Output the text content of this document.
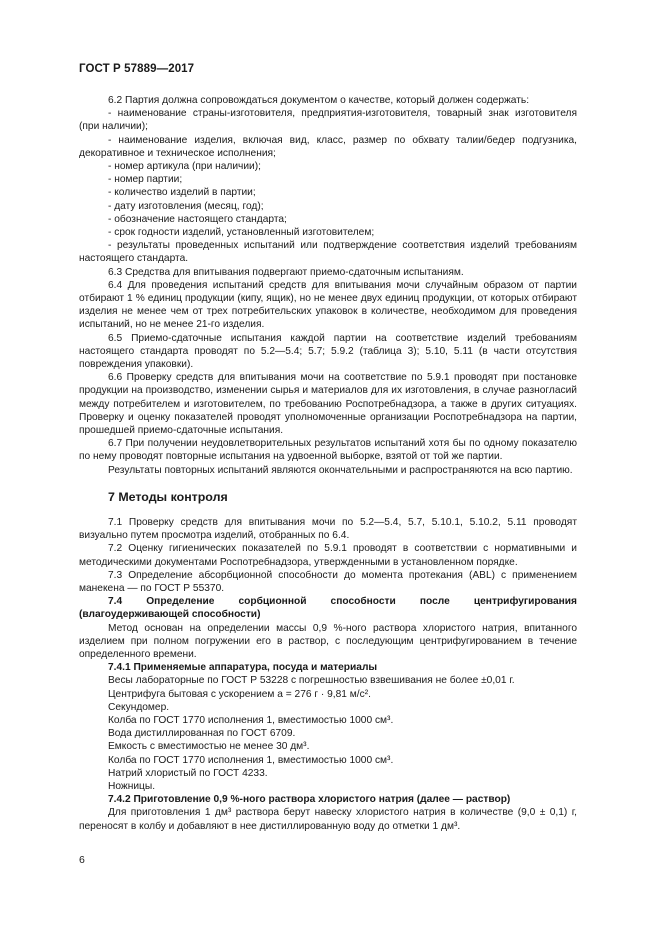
ГОСТ Р 57889—2017

6.2 Партия должна сопровождаться документом о качестве, который должен содержать:

- наименование страны-изготовителя, предприятия-изготовителя, товарный знак изготовителя (при наличии);

- наименование изделия, включая вид, класс, размер по обхвату талии/бедер подгузника, декоративное и техническое исполнения;

- номер артикула (при наличии);

- номер партии;

- количество изделий в партии;

- дату изготовления (месяц, год);

- обозначение настоящего стандарта;

- срок годности изделий, установленный изготовителем;

- результаты проведенных испытаний или подтверждение соответствия изделий требованиям настоящего стандарта.

6.3 Средства для впитывания подвергают приемо-сдаточным испытаниям.

6.4 Для проведения испытаний средств для впитывания мочи случайным образом от партии отбирают 1 % единиц продукции (кипу, ящик), но не менее двух единиц продукции, от которых отбирают изделия не менее чем от трех потребительских упаковок в количестве, необходимом для проведения испытаний, но не менее 21-го изделия.

6.5 Приемо-сдаточные испытания каждой партии на соответствие изделий требованиям настоящего стандарта проводят по 5.2—5.4; 5.7; 5.9.2 (таблица 3); 5.10, 5.11 (в части отсутствия повреждения упаковки).

6.6 Проверку средств для впитывания мочи на соответствие по 5.9.1 проводят при постановке продукции на производство, изменении сырья и материалов для их изготовления, в случае разногласий между потребителем и изготовителем, по требованию Роспотребнадзора, а также в других ситуациях. Проверку и оценку показателей проводят уполномоченные организации Роспотребнадзора на партии, прошедшей приемо-сдаточные испытания.

6.7 При получении неудовлетворительных результатов испытаний хотя бы по одному показателю по нему проводят повторные испытания на удвоенной выборке, взятой от той же партии.

Результаты повторных испытаний являются окончательными и распространяются на всю партию.

7 Методы контроля

7.1 Проверку средств для впитывания мочи по 5.2—5.4, 5.7, 5.10.1, 5.10.2, 5.11 проводят визуально путем просмотра изделий, отобранных по 6.4.

7.2 Оценку гигиенических показателей по 5.9.1 проводят в соответствии с нормативными и методическими документами Роспотребнадзора, утвержденными в установленном порядке.

7.3 Определение абсорбционной способности до момента протекания (ABL) с применением манекена — по ГОСТ Р 55370.

7.4 Определение сорбционной способности после центрифугирования (влагоудерживающей способности)

Метод основан на определении массы 0,9 %-ного раствора хлористого натрия, впитанного изделием при полном погружении его в раствор, с последующим центрифугированием в течение определенного времени.

7.4.1 Применяемые аппаратура, посуда и материалы

Весы лабораторные по ГОСТ Р 53228 с погрешностью взвешивания не более ±0,01 г.

Центрифуга бытовая с ускорением a = 276 г · 9,81 м/с².

Секундомер.

Колба по ГОСТ 1770 исполнения 1, вместимостью 1000 см³.

Вода дистиллированная по ГОСТ 6709.

Емкость с вместимостью не менее 30 дм³.

Колба по ГОСТ 1770 исполнения 1, вместимостью 1000 см³.

Натрий хлористый по ГОСТ 4233.

Ножницы.

7.4.2 Приготовление 0,9 %-ного раствора хлористого натрия (далее — раствор)

Для приготовления 1 дм³ раствора берут навеску хлористого натрия в количестве (9,0 ± 0,1) г, переносят в колбу и добавляют в нее дистиллированную воду до отметки 1 дм³.

6
